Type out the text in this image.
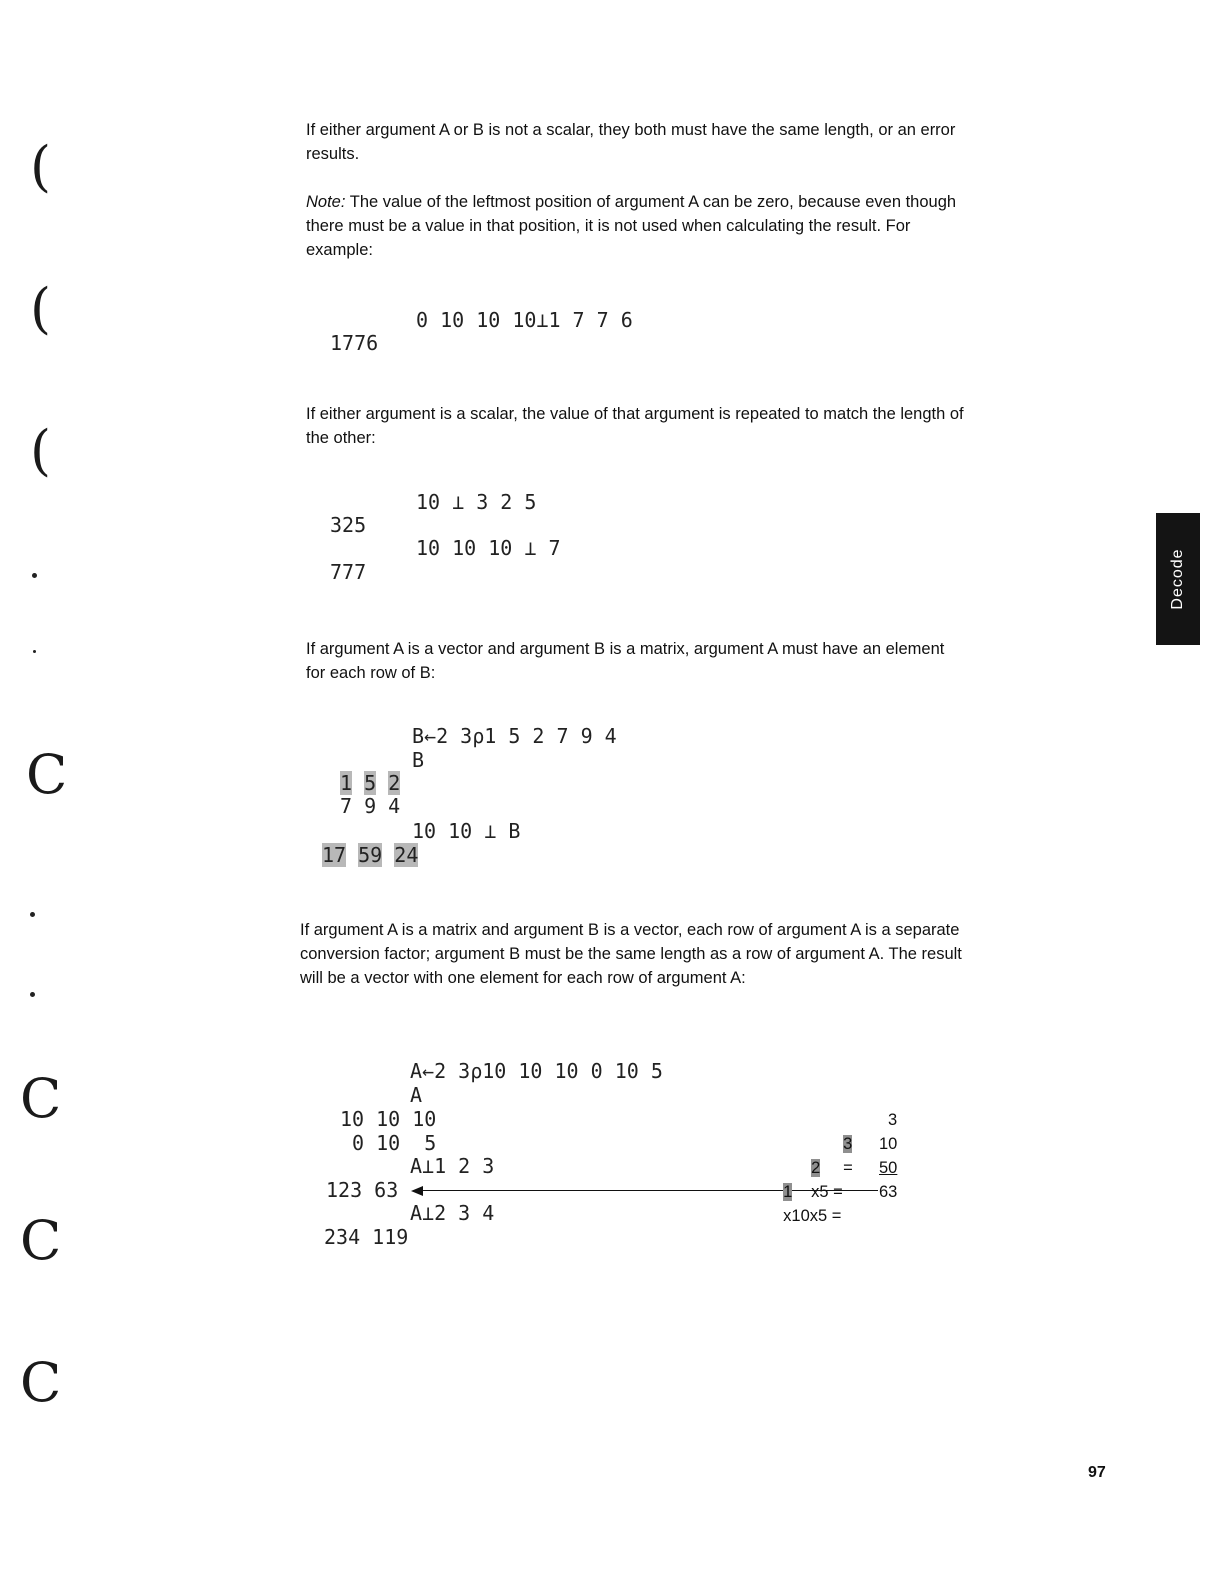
(
(
(
C
C
C
C

If either argument A or B is not a scalar, they both must have the same length, or an error results.

Note: The value of the leftmost position of argument A can be zero, because even though there must be a value in that position, it is not used when calculating the result. For example:

0 10 10 10⊥1 7 7 6
1776

If either argument is a scalar, the value of that argument is repeated to match the length of the other:

10 ⊥ 3 2 5
325
10 10 10 ⊥ 7
777

If argument A is a vector and argument B is a matrix, argument A must have an element for each row of B:

B←2 3⍴1 5 2 7 9 4
B
1 5 2
7 9 4
10 10 ⊥ B
17 59 24

If argument A is a matrix and argument B is a vector, each row of argument A is a separate conversion factor; argument B must be the same length as a row of argument A. The result will be a vector with one element for each row of argument A:

A←2 3⍴10 10 10 0 10 5
A
10 10 10
0 10  5
A⊥1 2 3
123 63
A⊥2 3 4
234 119

3
=

3

2
x5 =

10

1
x10x5 =

50
63
Decode
97
